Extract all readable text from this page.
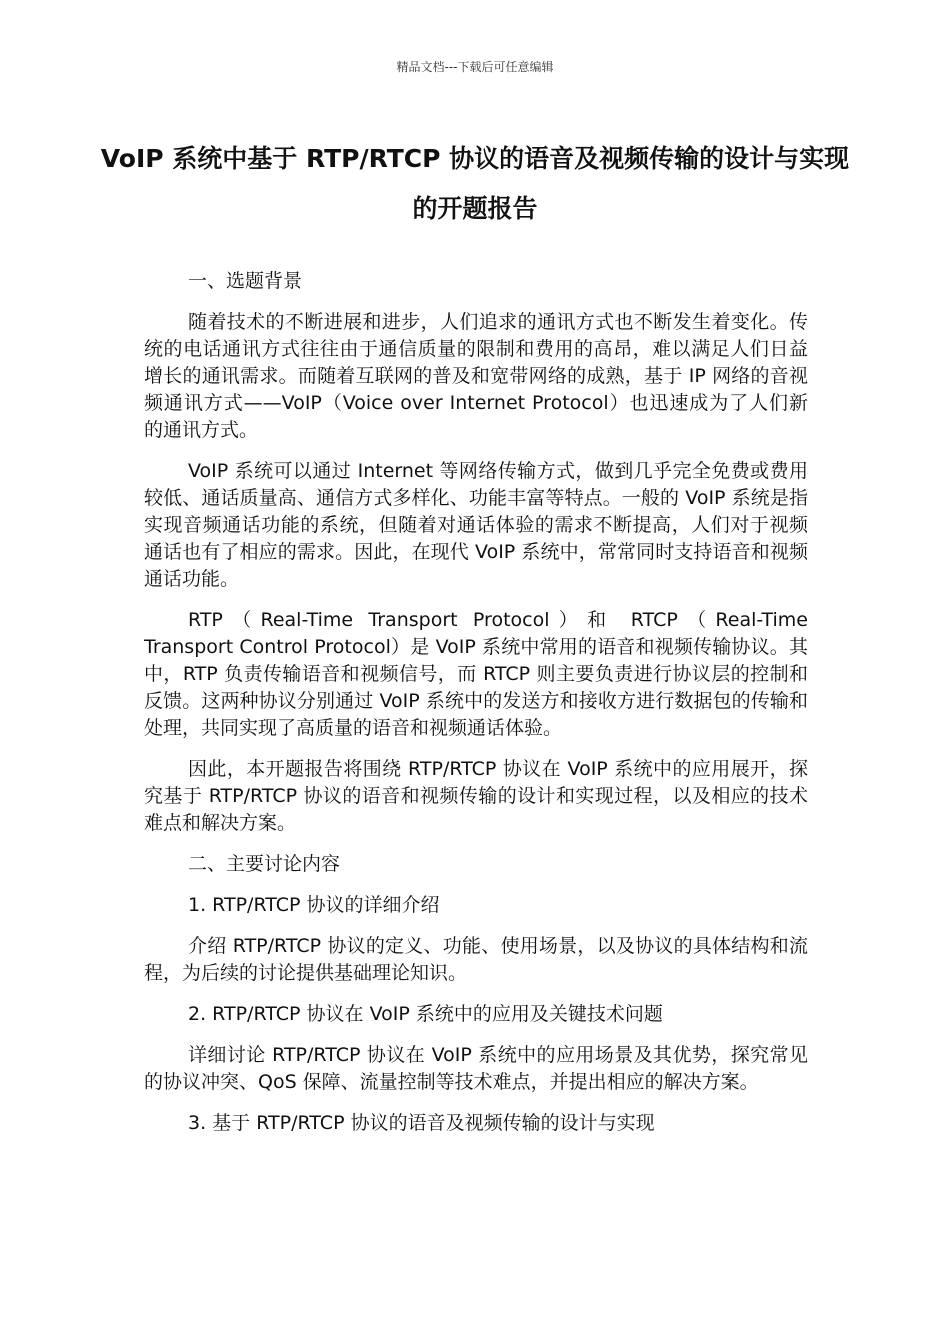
精品文档---下载后可任意编辑
VoIP 系统中基于 RTP/RTCP 协议的语音及视频传输的设计与实现的开题报告

一、选题背景

随着技术的不断进展和进步，人们追求的通讯方式也不断发生着变化。传统的电话通讯方式往往由于通信质量的限制和费用的高昂，难以满足人们日益增长的通讯需求。而随着互联网的普及和宽带网络的成熟，基于 IP 网络的音视频通讯方式——VoIP（Voice over Internet Protocol）也迅速成为了人们新的通讯方式。

VoIP 系统可以通过 Internet 等网络传输方式，做到几乎完全免费或费用较低、通话质量高、通信方式多样化、功能丰富等特点。一般的 VoIP 系统是指实现音频通话功能的系统，但随着对通话体验的需求不断提高，人们对于视频通话也有了相应的需求。因此，在现代 VoIP 系统中，常常同时支持语音和视频通话功能。

RTP（Real-Time Transport Protocol）和 RTCP（Real-Time Transport Control Protocol）是 VoIP 系统中常用的语音和视频传输协议。其中，RTP 负责传输语音和视频信号，而 RTCP 则主要负责进行协议层的控制和反馈。这两种协议分别通过 VoIP 系统中的发送方和接收方进行数据包的传输和处理，共同实现了高质量的语音和视频通话体验。

因此，本开题报告将围绕 RTP/RTCP 协议在 VoIP 系统中的应用展开，探究基于 RTP/RTCP 协议的语音和视频传输的设计和实现过程，以及相应的技术难点和解决方案。

二、主要讨论内容

1. RTP/RTCP 协议的详细介绍

介绍 RTP/RTCP 协议的定义、功能、使用场景，以及协议的具体结构和流程，为后续的讨论提供基础理论知识。

2. RTP/RTCP 协议在 VoIP 系统中的应用及关键技术问题

详细讨论 RTP/RTCP 协议在 VoIP 系统中的应用场景及其优势，探究常见的协议冲突、QoS 保障、流量控制等技术难点，并提出相应的解决方案。

3. 基于 RTP/RTCP 协议的语音及视频传输的设计与实现
